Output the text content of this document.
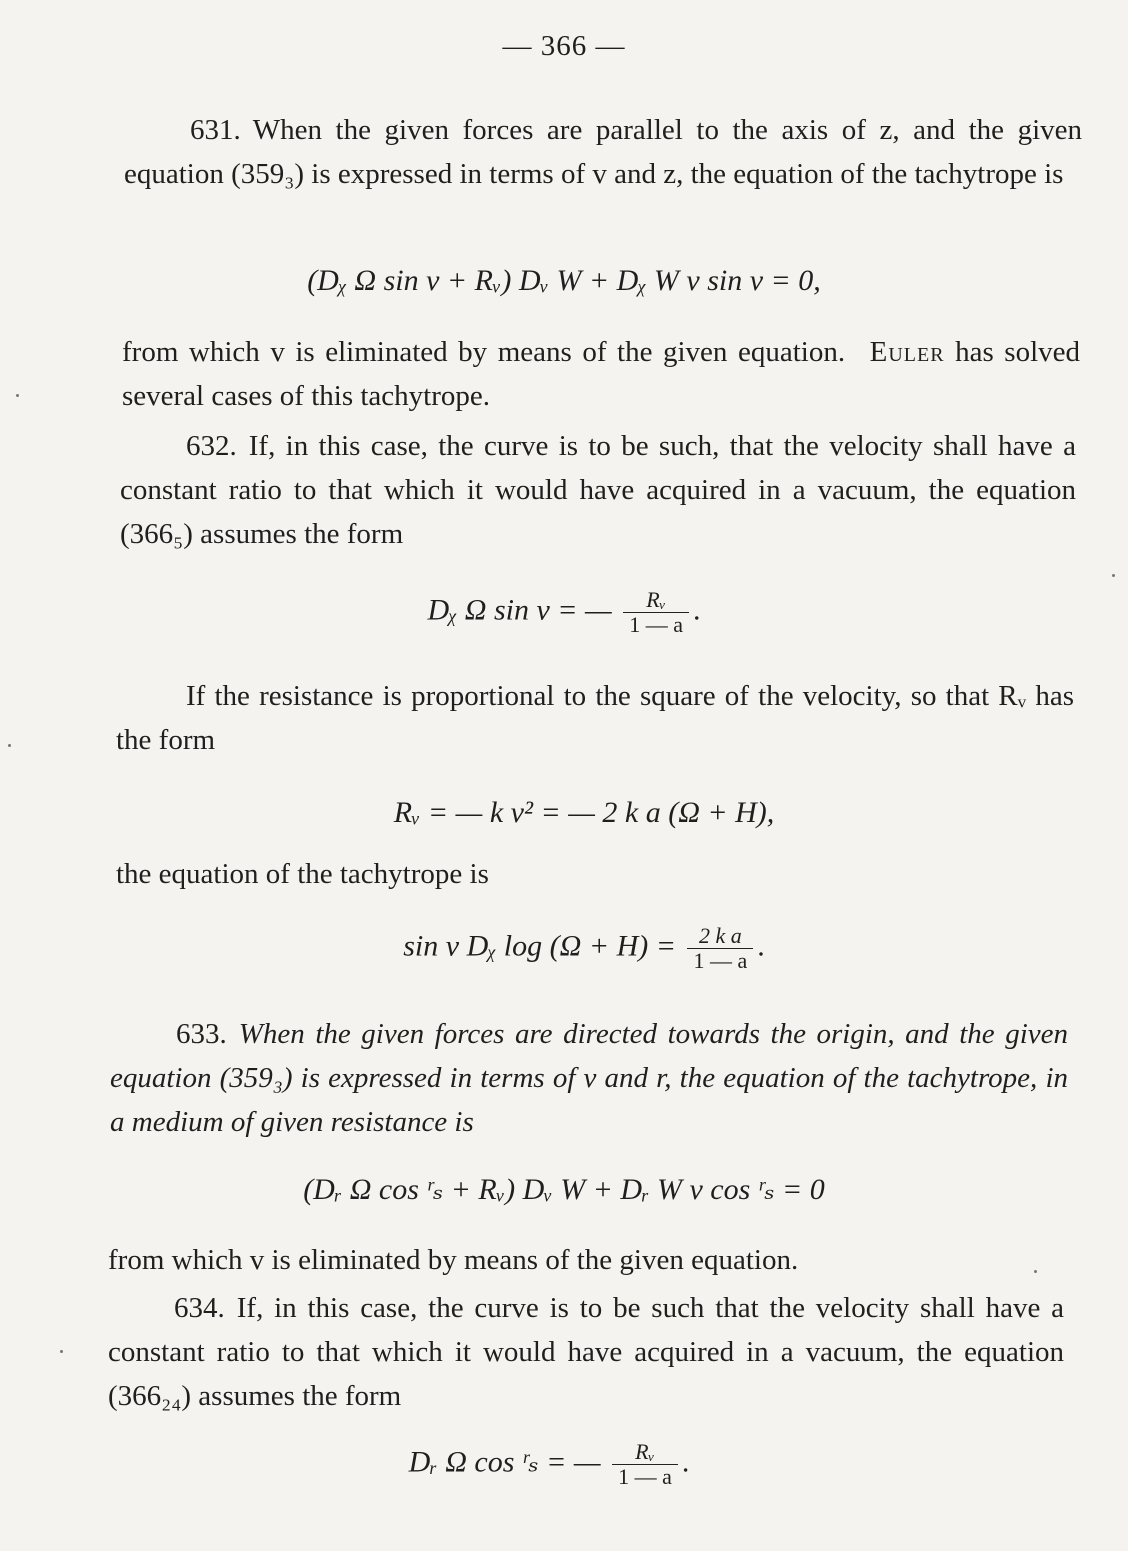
— 366 —
631. When the given forces are parallel to the axis of z, and the given equation (359₃) is expressed in terms of v and z, the equation of the tachytrope is
(Dᵪ Ω sin ν + Rᵥ) Dᵥ W + Dᵪ W v sin ν = 0,
from which v is eliminated by means of the given equation. Euler has solved several cases of this tachytrope.
632. If, in this case, the curve is to be such, that the velocity shall have a constant ratio to that which it would have acquired in a vacuum, the equation (366₅) assumes the form
Dᵪ Ω sin ν = — $\frac{\text{Rᵥ}}{1 — a}$ .
If the resistance is proportional to the square of the velocity, so that Rᵥ has the form
Rᵥ = — k v² = — 2 k a (Ω + H),
the equation of the tachytrope is
sin ν Dᵪ $\log (\Omega + H) = \frac{\text{2 k a}}{1 — a}$ .
633. When the given forces are directed towards the origin, and the given equation (359₃) is expressed in terms of v and r, the equation of the tachytrope, in a medium of given resistance is
(Dᵣ Ω cos ʳₛ + Rᵥ) Dᵥ W + Dᵣ W v cos ʳₛ = 0
from which v is eliminated by means of the given equation.
634. If, in this case, the curve is to be such that the velocity shall have a constant ratio to that which it would have acquired in a vacuum, the equation (366₂₄) assumes the form
Dᵣ Ω cos ʳₛ = — $\frac{\text{Rᵥ}}{1 — a}$ .
